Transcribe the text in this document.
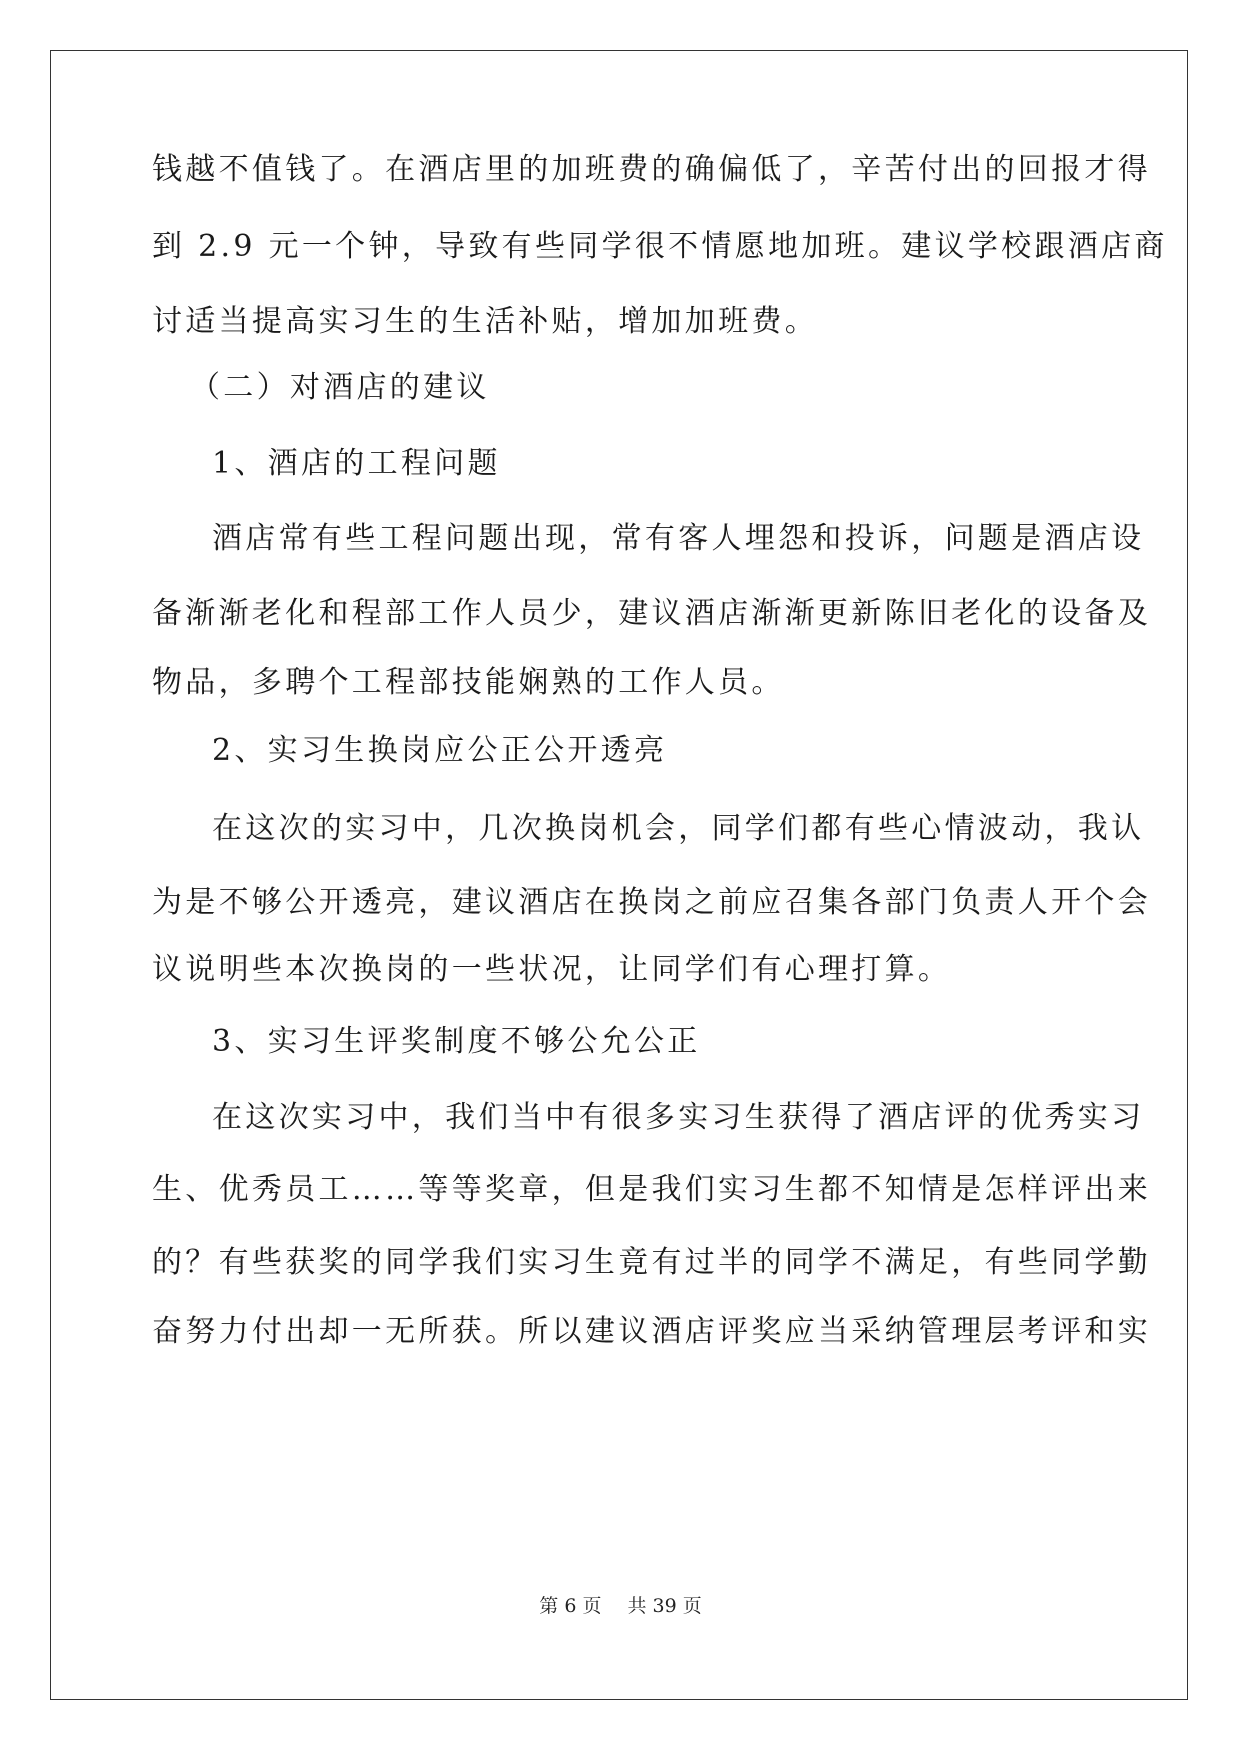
钱越不值钱了。在酒店里的加班费的确偏低了，辛苦付出的回报才得
到 2.9 元一个钟，导致有些同学很不情愿地加班。建议学校跟酒店商
讨适当提高实习生的生活补贴，增加加班费。
（二）对酒店的建议
1、酒店的工程问题
酒店常有些工程问题出现，常有客人埋怨和投诉，问题是酒店设
备渐渐老化和程部工作人员少，建议酒店渐渐更新陈旧老化的设备及
物品，多聘个工程部技能娴熟的工作人员。
2、实习生换岗应公正公开透亮
在这次的实习中，几次换岗机会，同学们都有些心情波动，我认
为是不够公开透亮，建议酒店在换岗之前应召集各部门负责人开个会
议说明些本次换岗的一些状况，让同学们有心理打算。
3、实习生评奖制度不够公允公正
在这次实习中，我们当中有很多实习生获得了酒店评的优秀实习
生、优秀员工……等等奖章，但是我们实习生都不知情是怎样评出来
的？有些获奖的同学我们实习生竟有过半的同学不满足，有些同学勤
奋努力付出却一无所获。所以建议酒店评奖应当采纳管理层考评和实
第 6 页 共 39 页
